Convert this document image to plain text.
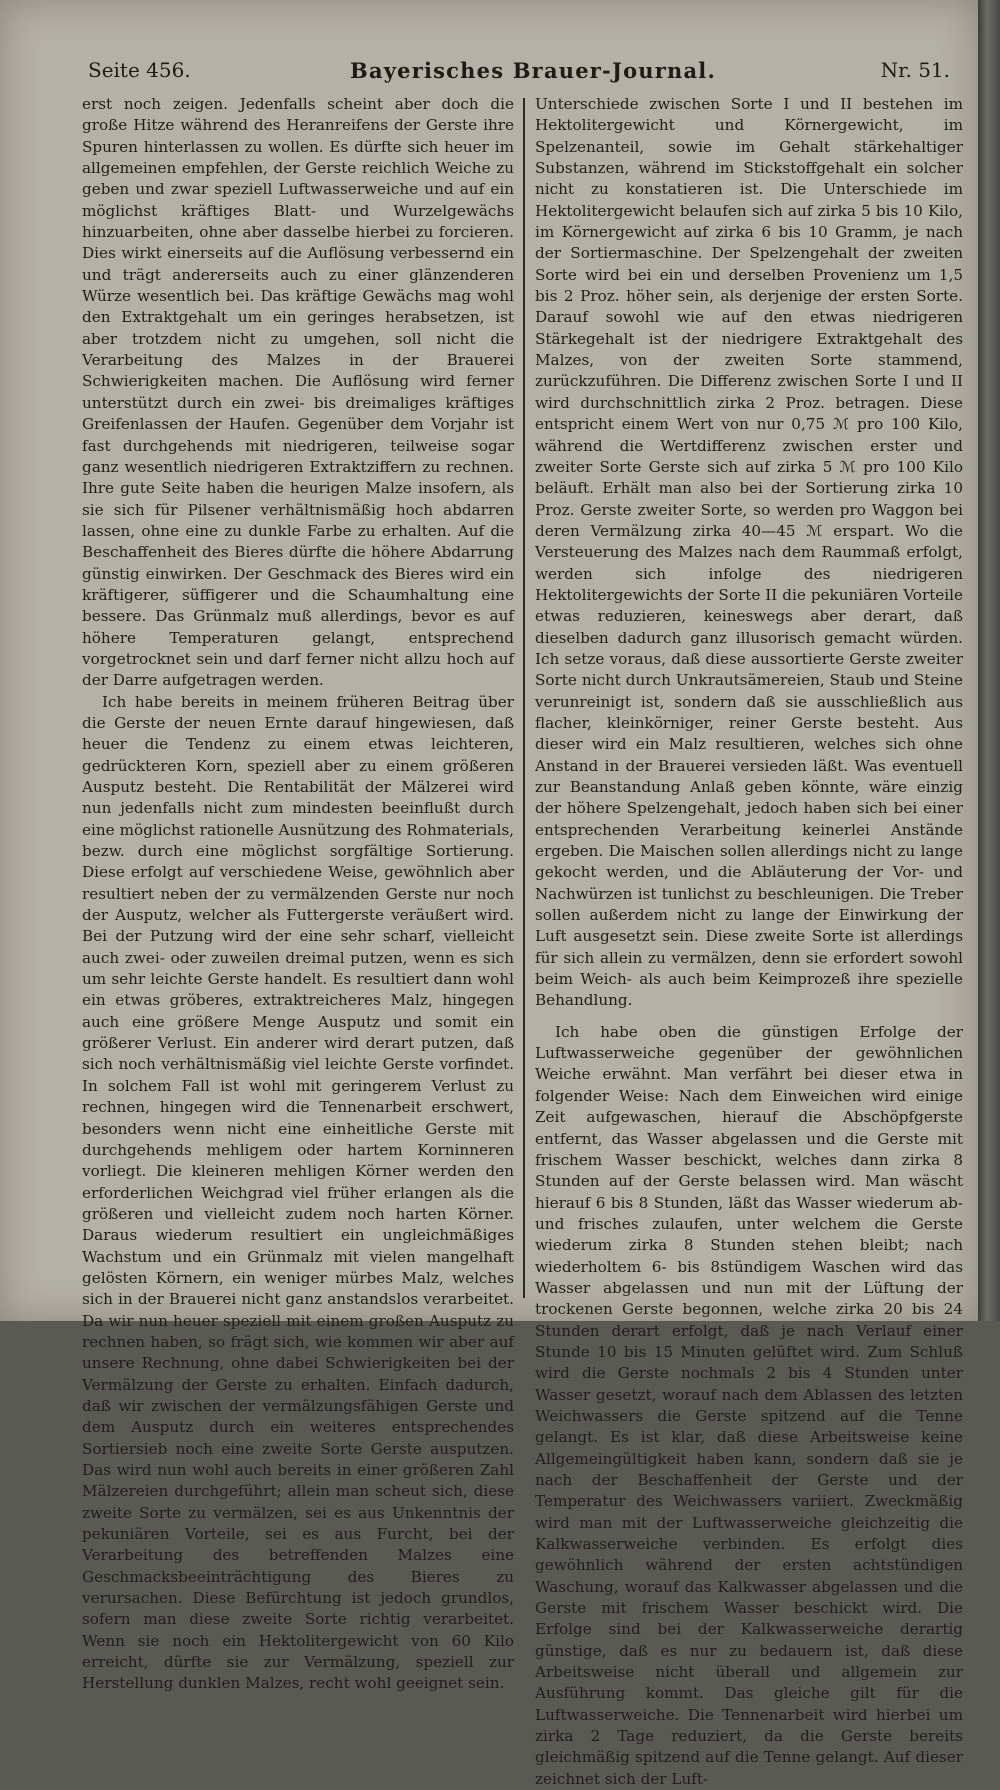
Seite 456.	Bayerisches Brauer-Journal.	Nr. 51.

erst noch zeigen. Jedenfalls scheint aber doch die große Hitze während des Heranreifens der Gerste ihre Spuren hinterlassen zu wollen. Es dürfte sich heuer im allgemeinen empfehlen, der Gerste reichlich Weiche zu geben und zwar speziell Luftwasserweiche und auf ein möglichst kräftiges Blatt- und Wurzelgewächs hinzuarbeiten, ohne aber dasselbe hierbei zu forcieren. Dies wirkt einerseits auf die Auflösung verbessernd ein und trägt andererseits auch zu einer glänzenderen Würze wesentlich bei. Das kräftige Gewächs mag wohl den Extraktgehalt um ein geringes herabsetzen, ist aber trotzdem nicht zu umgehen, soll nicht die Verarbeitung des Malzes in der Brauerei Schwierigkeiten machen. Die Auflösung wird ferner unterstützt durch ein zwei- bis dreimaliges kräftiges Greifenlassen der Haufen. Gegenüber dem Vorjahr ist fast durchgehends mit niedrigeren, teilweise sogar ganz wesentlich niedrigeren Extraktziffern zu rechnen. Ihre gute Seite haben die heurigen Malze insofern, als sie sich für Pilsener verhältnismäßig hoch abdarren lassen, ohne eine zu dunkle Farbe zu erhalten. Auf die Beschaffenheit des Bieres dürfte die höhere Abdarrung günstig einwirken. Der Geschmack des Bieres wird ein kräftigerer, süffigerer und die Schaumhaltung eine bessere. Das Grünmalz muß allerdings, bevor es auf höhere Temperaturen gelangt, entsprechend vorgetrocknet sein und darf ferner nicht allzu hoch auf der Darre aufgetragen werden.

Ich habe bereits in meinem früheren Beitrag über die Gerste der neuen Ernte darauf hingewiesen, daß heuer die Tendenz zu einem etwas leichteren, gedrückteren Korn, speziell aber zu einem größeren Ausputz besteht. Die Rentabilität der Mälzerei wird nun jedenfalls nicht zum mindesten beeinflußt durch eine möglichst rationelle Ausnützung des Rohmaterials, bezw. durch eine möglichst sorgfältige Sortierung. Diese erfolgt auf verschiedene Weise, gewöhnlich aber resultiert neben der zu vermälzenden Gerste nur noch der Ausputz, welcher als Futtergerste veräußert wird. Bei der Putzung wird der eine sehr scharf, vielleicht auch zwei- oder zuweilen dreimal putzen, wenn es sich um sehr leichte Gerste handelt. Es resultiert dann wohl ein etwas gröberes, extraktreicheres Malz, hingegen auch eine größere Menge Ausputz und somit ein größerer Verlust. Ein anderer wird derart putzen, daß sich noch verhältnismäßig viel leichte Gerste vorfindet. In solchem Fall ist wohl mit geringerem Verlust zu rechnen, hingegen wird die Tennenarbeit erschwert, besonders wenn nicht eine einheitliche Gerste mit durchgehends mehligem oder hartem Korninneren vorliegt. Die kleineren mehligen Körner werden den erforderlichen Weichgrad viel früher erlangen als die größeren und vielleicht zudem noch harten Körner. Daraus wiederum resultiert ein ungleichmäßiges Wachstum und ein Grünmalz mit vielen mangelhaft gelösten Körnern, ein weniger mürbes Malz, welches sich in der Brauerei nicht ganz anstandslos verarbeitet. Da wir nun heuer speziell mit einem großen Ausputz zu rechnen haben, so frägt sich, wie kommen wir aber auf unsere Rechnung, ohne dabei Schwierigkeiten bei der Vermälzung der Gerste zu erhalten. Einfach dadurch, daß wir zwischen der vermälzungsfähigen Gerste und dem Ausputz durch ein weiteres entsprechendes Sortiersieb noch eine zweite Sorte Gerste ausputzen. Das wird nun wohl auch bereits in einer größeren Zahl Mälzereien durchgeführt; allein man scheut sich, diese zweite Sorte zu vermälzen, sei es aus Unkenntnis der pekuniären Vorteile, sei es aus Furcht, bei der Verarbeitung des betreffenden Malzes eine Geschmacksbeeinträchtigung des Bieres zu verursachen. Diese Befürchtung ist jedoch grundlos, sofern man diese zweite Sorte richtig verarbeitet. Wenn sie noch ein Hektolitergewicht von 60 Kilo erreicht, dürfte sie zur Vermälzung, speziell zur Herstellung dunklen Malzes, recht wohl geeignet sein.

Unterschiede zwischen Sorte I und II bestehen im Hektolitergewicht und Körnergewicht, im Spelzenanteil, sowie im Gehalt stärkehaltiger Substanzen, während im Stickstoffgehalt ein solcher nicht zu konstatieren ist. Die Unterschiede im Hektolitergewicht belaufen sich auf zirka 5 bis 10 Kilo, im Körnergewicht auf zirka 6 bis 10 Gramm, je nach der Sortiermaschine. Der Spelzengehalt der zweiten Sorte wird bei ein und derselben Provenienz um 1,5 bis 2 Proz. höher sein, als derjenige der ersten Sorte. Darauf sowohl wie auf den etwas niedrigeren Stärkegehalt ist der niedrigere Extraktgehalt des Malzes, von der zweiten Sorte stammend, zurückzuführen. Die Differenz zwischen Sorte I und II wird durchschnittlich zirka 2 Proz. betragen. Diese entspricht einem Wert von nur 0,75 ℳ pro 100 Kilo, während die Wertdifferenz zwischen erster und zweiter Sorte Gerste sich auf zirka 5 ℳ pro 100 Kilo beläuft. Erhält man also bei der Sortierung zirka 10 Proz. Gerste zweiter Sorte, so werden pro Waggon bei deren Vermälzung zirka 40—45 ℳ erspart. Wo die Versteuerung des Malzes nach dem Raummaß erfolgt, werden sich infolge des niedrigeren Hektolitergewichts der Sorte II die pekuniären Vorteile etwas reduzieren, keineswegs aber derart, daß dieselben dadurch ganz illusorisch gemacht würden. Ich setze voraus, daß diese aussortierte Gerste zweiter Sorte nicht durch Unkrautsämereien, Staub und Steine verunreinigt ist, sondern daß sie ausschließlich aus flacher, kleinkörniger, reiner Gerste besteht. Aus dieser wird ein Malz resultieren, welches sich ohne Anstand in der Brauerei versieden läßt. Was eventuell zur Beanstandung Anlaß geben könnte, wäre einzig der höhere Spelzengehalt, jedoch haben sich bei einer entsprechenden Verarbeitung keinerlei Anstände ergeben. Die Maischen sollen allerdings nicht zu lange gekocht werden, und die Abläuterung der Vor- und Nachwürzen ist tunlichst zu beschleunigen. Die Treber sollen außerdem nicht zu lange der Einwirkung der Luft ausgesetzt sein. Diese zweite Sorte ist allerdings für sich allein zu vermälzen, denn sie erfordert sowohl beim Weich- als auch beim Keimprozeß ihre spezielle Behandlung.

Ich habe oben die günstigen Erfolge der Luftwasserweiche gegenüber der gewöhnlichen Weiche erwähnt. Man verfährt bei dieser etwa in folgender Weise: Nach dem Einweichen wird einige Zeit aufgewaschen, hierauf die Abschöpfgerste entfernt, das Wasser abgelassen und die Gerste mit frischem Wasser beschickt, welches dann zirka 8 Stunden auf der Gerste belassen wird. Man wäscht hierauf 6 bis 8 Stunden, läßt das Wasser wiederum ab- und frisches zulaufen, unter welchem die Gerste wiederum zirka 8 Stunden stehen bleibt; nach wiederholtem 6- bis 8stündigem Waschen wird das Wasser abgelassen und nun mit der Lüftung der trockenen Gerste begonnen, welche zirka 20 bis 24 Stunden derart erfolgt, daß je nach Verlauf einer Stunde 10 bis 15 Minuten gelüftet wird. Zum Schluß wird die Gerste nochmals 2 bis 4 Stunden unter Wasser gesetzt, worauf nach dem Ablassen des letzten Weichwassers die Gerste spitzend auf die Tenne gelangt. Es ist klar, daß diese Arbeitsweise keine Allgemeingültigkeit haben kann, sondern daß sie je nach der Beschaffenheit der Gerste und der Temperatur des Weichwassers variiert. Zweckmäßig wird man mit der Luftwasserweiche gleichzeitig die Kalkwasserweiche verbinden. Es erfolgt dies gewöhnlich während der ersten achtstündigen Waschung, worauf das Kalkwasser abgelassen und die Gerste mit frischem Wasser beschickt wird. Die Erfolge sind bei der Kalkwasserweiche derartig günstige, daß es nur zu bedauern ist, daß diese Arbeitsweise nicht überall und allgemein zur Ausführung kommt. Das gleiche gilt für die Luftwasserweiche. Die Tennenarbeit wird hierbei um zirka 2 Tage reduziert, da die Gerste bereits gleichmäßig spitzend auf die Tenne gelangt. Auf dieser zeichnet sich der Luft-
